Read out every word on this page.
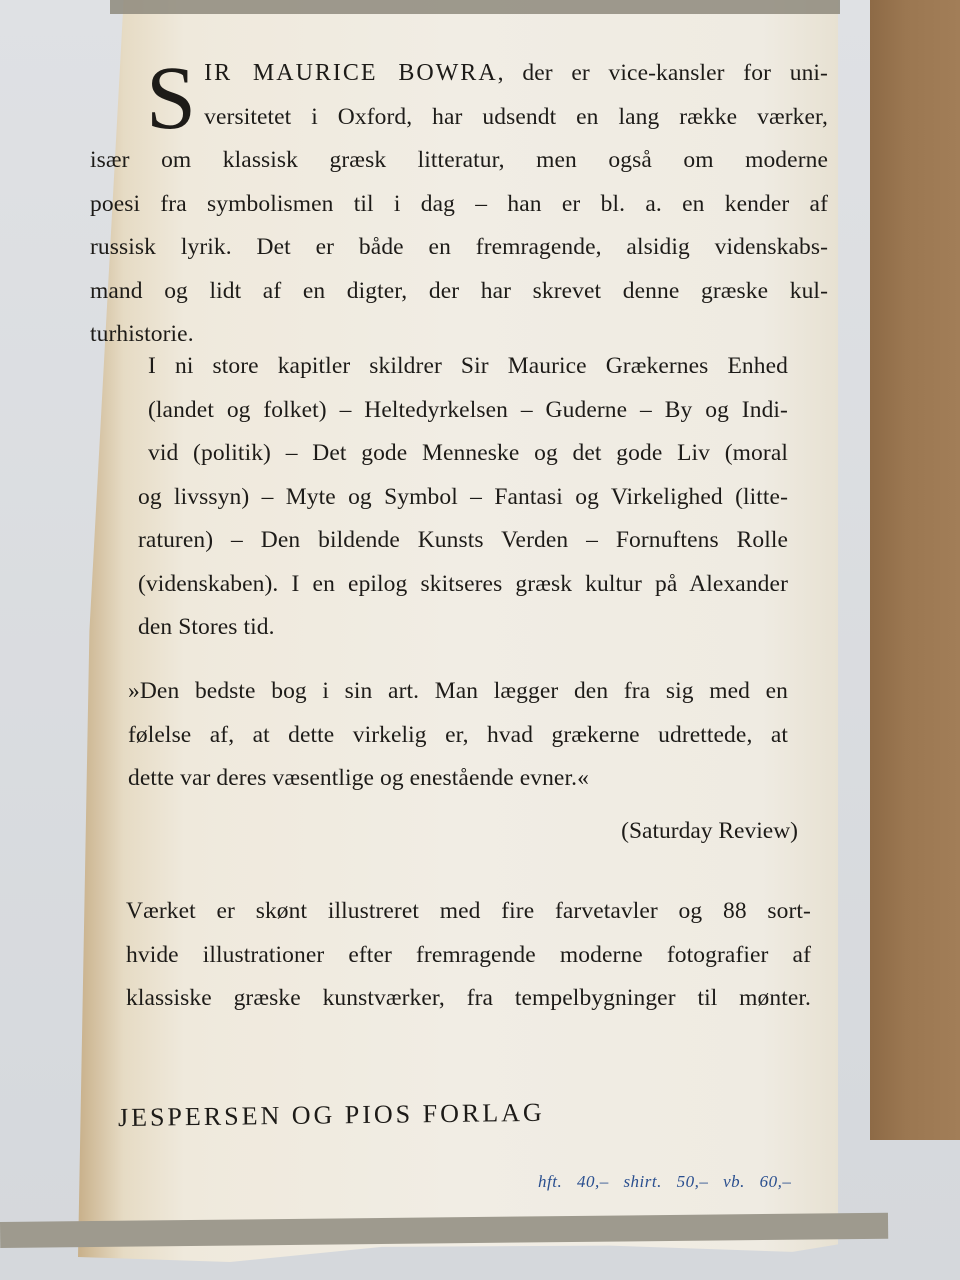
S IR MAURICE BOWRA, der er vice-kansler for uni-
versitetet i Oxford, har udsendt en lang række værker,
især om klassisk græsk litteratur, men også om moderne
poesi fra symbolismen til i dag – han er bl. a. en kender af
russisk lyrik. Det er både en fremragende, alsidig videnskabs-
mand og lidt af en digter, der har skrevet denne græske kul-
turhistorie.
I ni store kapitler skildrer Sir Maurice Grækernes Enhed
(landet og folket) – Heltedyrkelsen – Guderne – By og Indi-
vid (politik) – Det gode Menneske og det gode Liv (moral
og livssyn) – Myte og Symbol – Fantasi og Virkelighed (litte-
raturen) – Den bildende Kunsts Verden – Fornuftens Rolle
(videnskaben). I en epilog skitseres græsk kultur på Alexander
den Stores tid.
»Den bedste bog i sin art. Man lægger den fra sig med en
følelse af, at dette virkelig er, hvad grækerne udrettede, at
dette var deres væsentlige og enestående evner.«
(Saturday Review)
Værket er skønt illustreret med fire farvetavler og 88 sort-
hvide illustrationer efter fremragende moderne fotografier af
klassiske græske kunstværker, fra tempelbygninger til mønter.
JESPERSEN OG PIOS FORLAG
hft. 40,– shirt. 50,– vb. 60,–
